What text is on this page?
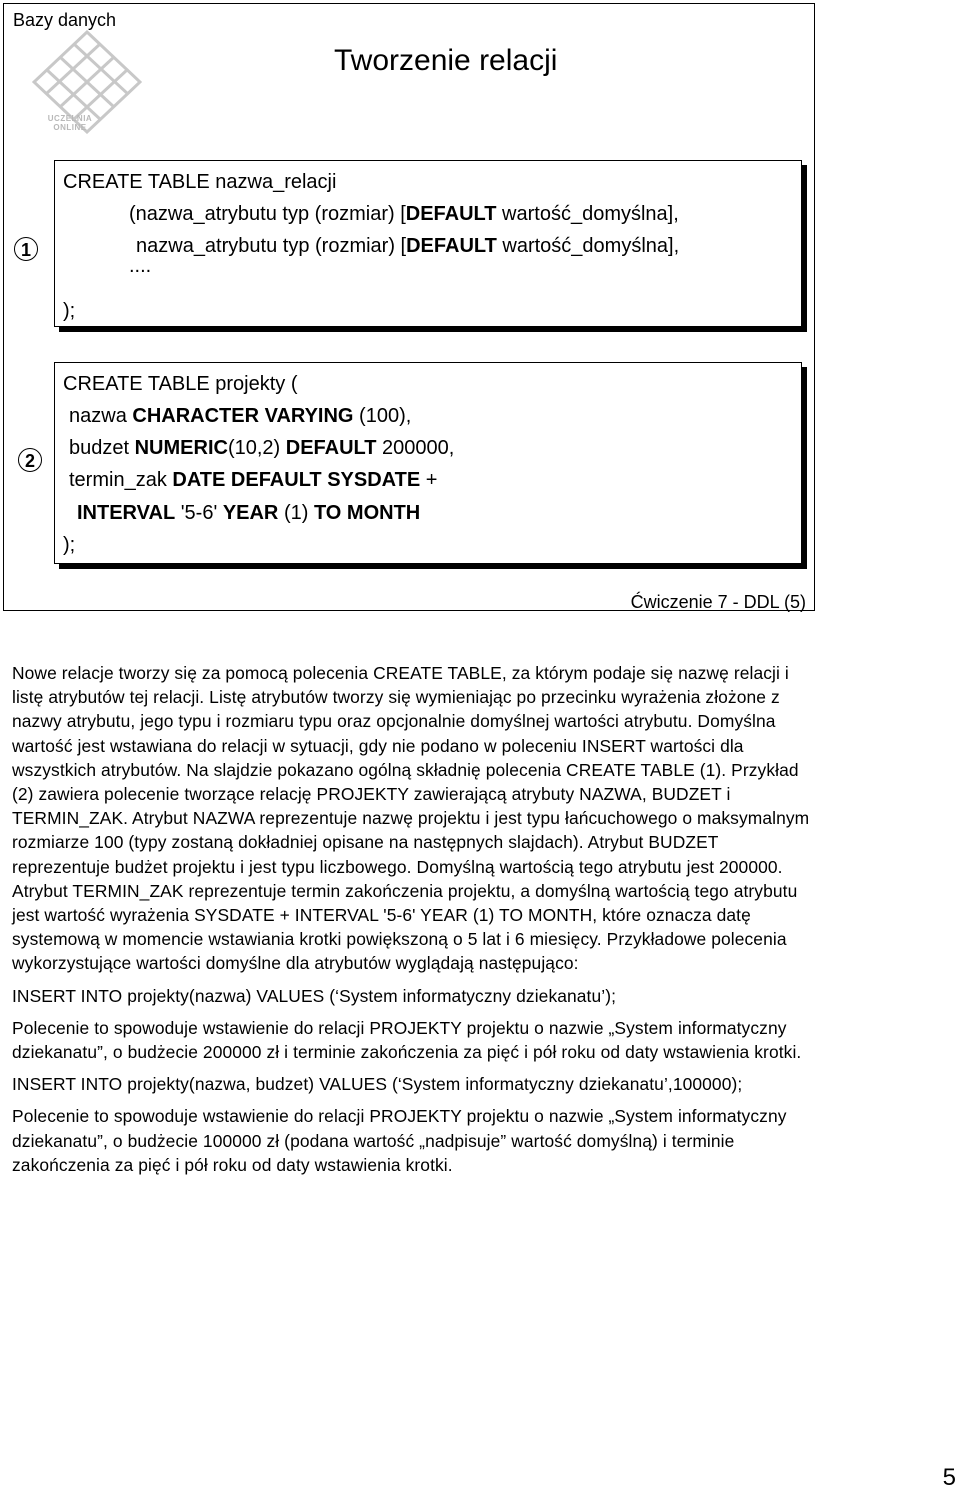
Bazy danych
Tworzenie relacji
UCZELNIA ONLINE
1
CREATE TABLE nazwa_relacji
(nazwa_atrybutu typ (rozmiar) [DEFAULT wartość_domyślna],
nazwa_atrybutu typ (rozmiar) [DEFAULT wartość_domyślna],
....
);
2
CREATE TABLE projekty (
nazwa CHARACTER VARYING (100),
budzet NUMERIC(10,2) DEFAULT 200000,
termin_zak DATE DEFAULT SYSDATE +
INTERVAL '5-6' YEAR (1) TO MONTH
);
Ćwiczenie 7 - DDL (5)

Nowe relacje tworzy się za pomocą polecenia CREATE TABLE, za którym podaje się nazwę relacji i listę atrybutów tej relacji. Listę atrybutów tworzy się wymieniając po przecinku wyrażenia złożone z nazwy atrybutu, jego typu i rozmiaru typu oraz opcjonalnie domyślnej wartości atrybutu. Domyślna wartość jest wstawiana do relacji w sytuacji, gdy nie podano w poleceniu INSERT wartości dla wszystkich atrybutów. Na slajdzie pokazano ogólną składnię polecenia CREATE TABLE (1). Przykład (2) zawiera polecenie tworzące relację PROJEKTY zawierającą atrybuty NAZWA, BUDZET i TERMIN_ZAK. Atrybut NAZWA reprezentuje nazwę projektu i jest typu łańcuchowego o maksymalnym rozmiarze 100 (typy zostaną dokładniej opisane na następnych slajdach). Atrybut BUDZET reprezentuje budżet projektu i jest typu liczbowego. Domyślną wartością tego atrybutu jest 200000. Atrybut TERMIN_ZAK reprezentuje termin zakończenia projektu, a domyślną wartością tego atrybutu jest wartość wyrażenia SYSDATE + INTERVAL '5-6' YEAR (1) TO MONTH, które oznacza datę systemową w momencie wstawiania krotki powiększoną o 5 lat i 6 miesięcy. Przykładowe polecenia wykorzystujące wartości domyślne dla atrybutów wyglądają następująco:

INSERT INTO projekty(nazwa) VALUES (‘System informatyczny dziekanatu’);

Polecenie to spowoduje wstawienie do relacji PROJEKTY projektu o nazwie „System informatyczny dziekanatu”, o budżecie 200000 zł i terminie zakończenia za pięć i pół roku od daty wstawienia krotki.

INSERT INTO projekty(nazwa, budzet) VALUES (‘System informatyczny dziekanatu’,100000);

Polecenie to spowoduje wstawienie do relacji PROJEKTY projektu o nazwie „System informatyczny dziekanatu”, o budżecie 100000 zł (podana wartość „nadpisuje” wartość domyślną) i terminie zakończenia za pięć i pół roku od daty wstawienia krotki.

5
